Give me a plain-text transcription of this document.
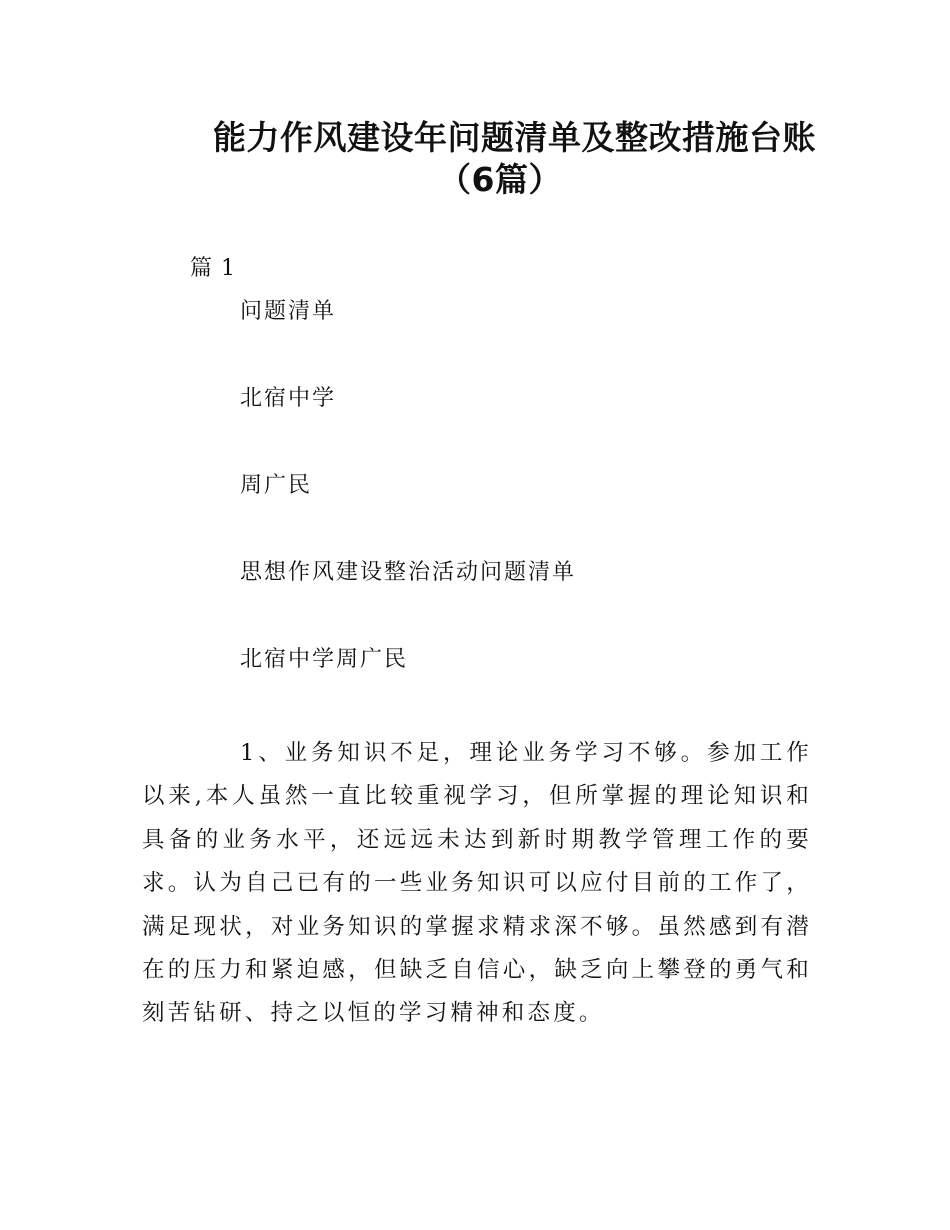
能力作风建设年问题清单及整改措施台账
（6篇）
篇 1
问题清单
北宿中学
周广民
思想作风建设整治活动问题清单
北宿中学周广民
1、业务知识不足，理论业务学习不够。参加工作以来,本人虽然一直比较重视学习，但所掌握的理论知识和具备的业务水平，还远远未达到新时期教学管理工作的要求。认为自己已有的一些业务知识可以应付目前的工作了，满足现状，对业务知识的掌握求精求深不够。虽然感到有潜在的压力和紧迫感，但缺乏自信心，缺乏向上攀登的勇气和刻苦钻研、持之以恒的学习精神和态度。
